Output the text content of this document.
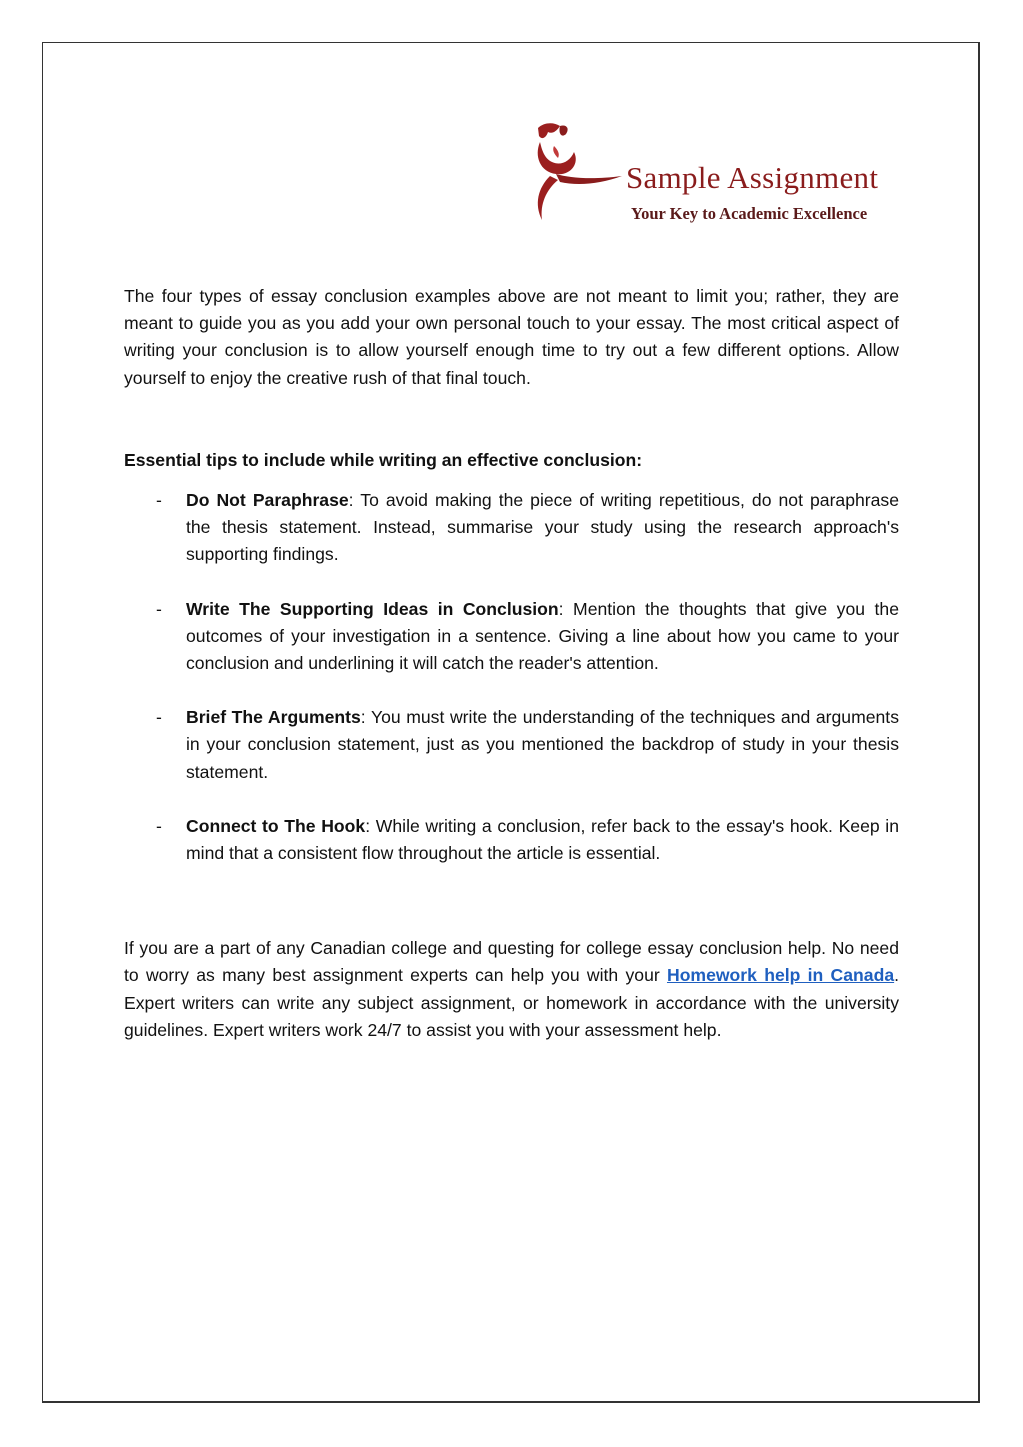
Sample Assignment
Your Key to Academic Excellence

The four types of essay conclusion examples above are not meant to limit you; rather, they are meant to guide you as you add your own personal touch to your essay. The most critical aspect of writing your conclusion is to allow yourself enough time to try out a few different options. Allow yourself to enjoy the creative rush of that final touch.

Essential tips to include while writing an effective conclusion:

- Do Not Paraphrase: To avoid making the piece of writing repetitious, do not paraphrase the thesis statement. Instead, summarise your study using the research approach's supporting findings.
- Write The Supporting Ideas in Conclusion: Mention the thoughts that give you the outcomes of your investigation in a sentence. Giving a line about how you came to your conclusion and underlining it will catch the reader's attention.
- Brief The Arguments: You must write the understanding of the techniques and arguments in your conclusion statement, just as you mentioned the backdrop of study in your thesis statement.
- Connect to The Hook: While writing a conclusion, refer back to the essay's hook. Keep in mind that a consistent flow throughout the article is essential.

If you are a part of any Canadian college and questing for college essay conclusion help. No need to worry as many best assignment experts can help you with your Homework help in Canada. Expert writers can write any subject assignment, or homework in accordance with the university guidelines. Expert writers work 24/7 to assist you with your assessment help.
